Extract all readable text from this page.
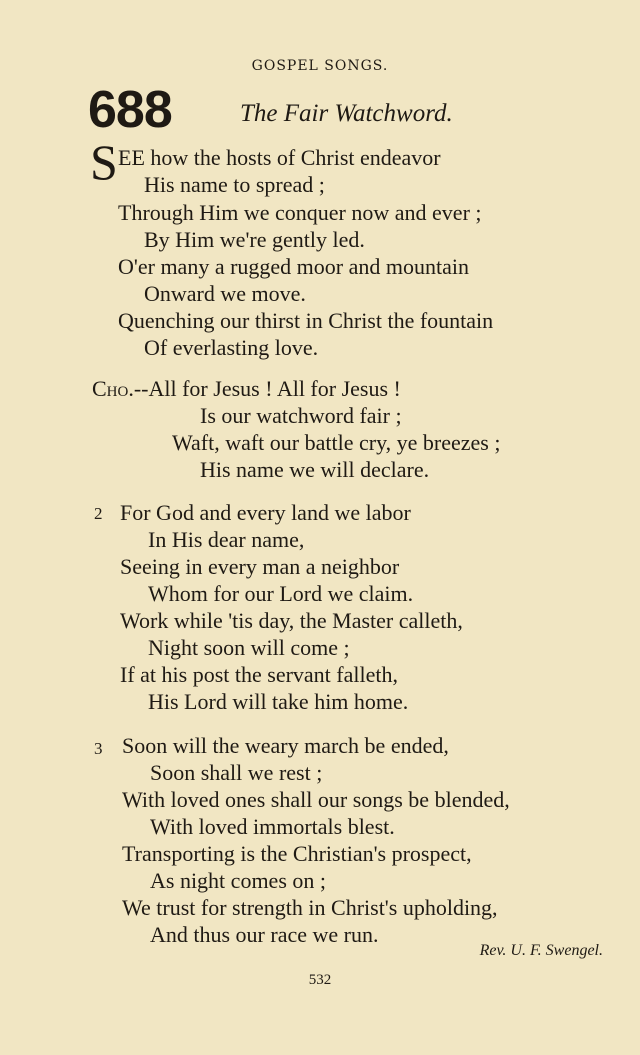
GOSPEL SONGS.
688	The Fair Watchword.
S EE how the hosts of Christ endeavor
His name to spread ;
Through Him we conquer now and ever ;
By Him we're gently led.
O'er many a rugged moor and mountain
Onward we move.
Quenching our thirst in Christ the fountain
Of everlasting love.
Cho.--All for Jesus ! All for Jesus !
Is our watchword fair ;
Waft, waft our battle cry, ye breezes ;
His name we will declare.
2 For God and every land we labor
In His dear name,
Seeing in every man a neighbor
Whom for our Lord we claim.
Work while 'tis day, the Master calleth,
Night soon will come ;
If at his post the servant falleth,
His Lord will take him home.
3 Soon will the weary march be ended,
Soon shall we rest ;
With loved ones shall our songs be blended,
With loved immortals blest.
Transporting is the Christian's prospect,
As night comes on ;
We trust for strength in Christ's upholding,
And thus our race we run.
Rev. U. F. Swengel.
532
